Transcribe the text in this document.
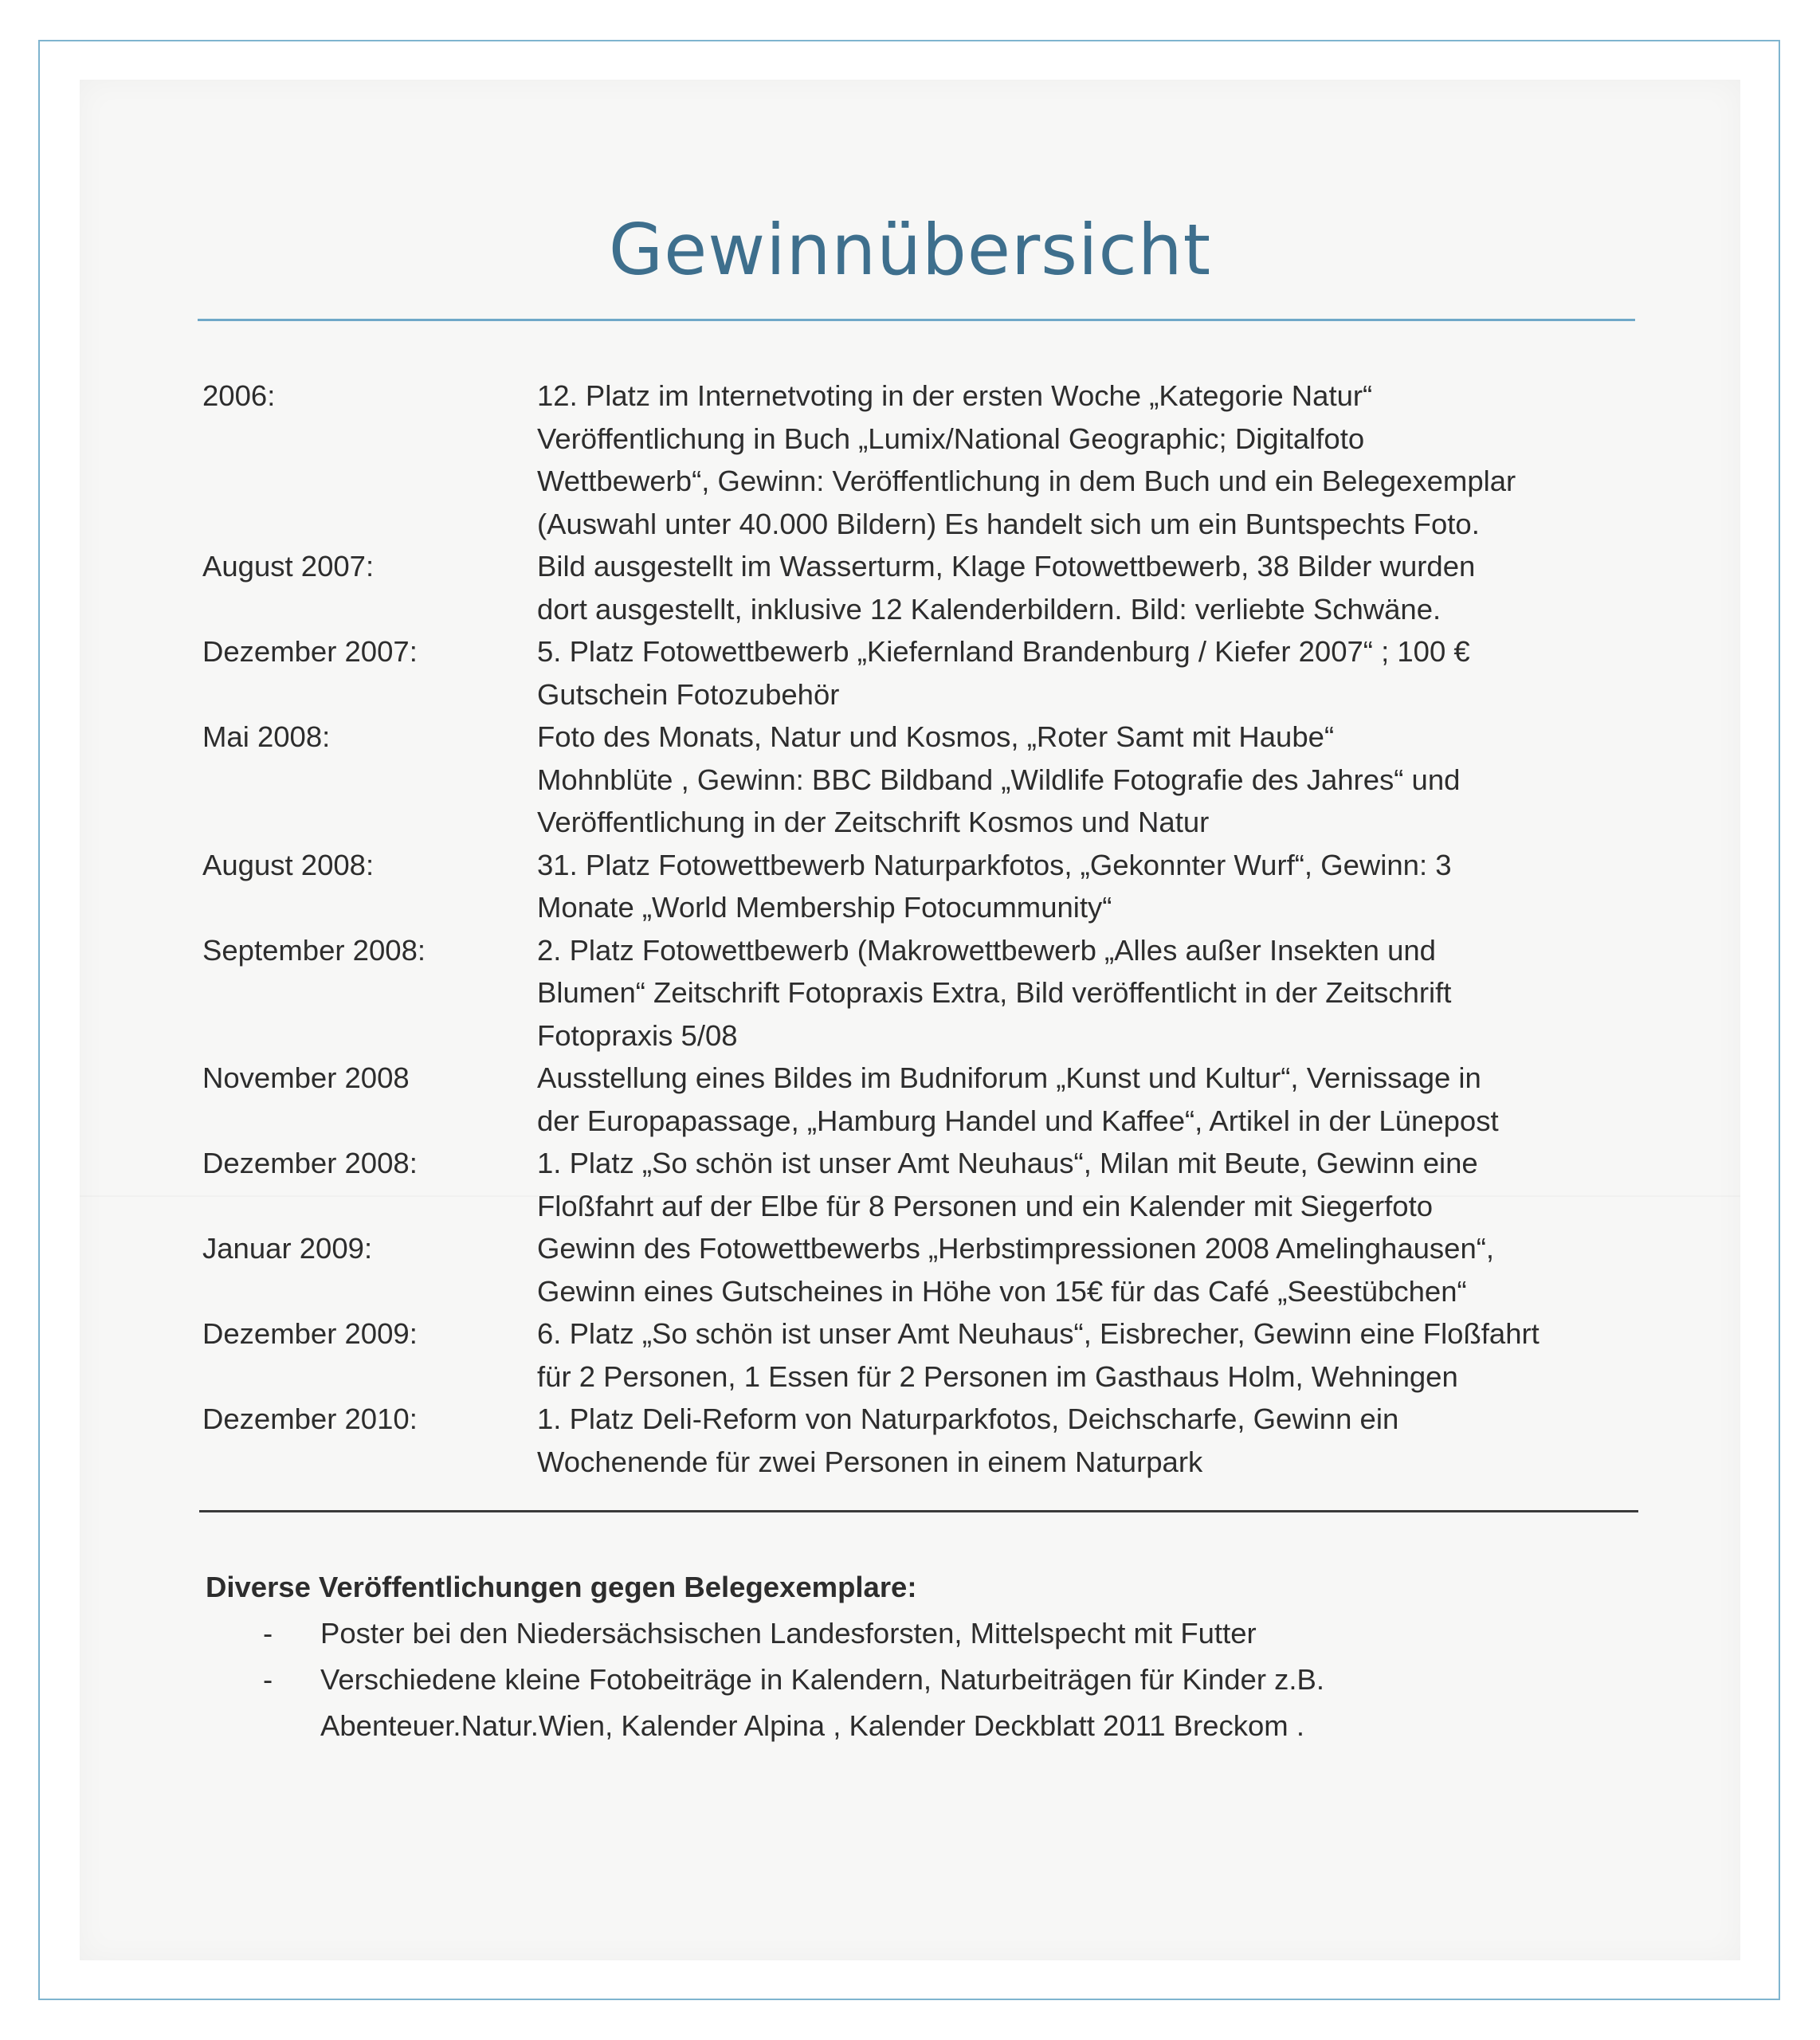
Gewinnübersicht
2006:	12. Platz im Internetvoting in der ersten Woche „Kategorie Natur“
Veröffentlichung in Buch „Lumix/National Geographic; Digitalfoto
Wettbewerb“, Gewinn: Veröffentlichung in dem Buch und ein Belegexemplar
(Auswahl unter 40.000 Bildern) Es handelt sich um ein Buntspechts Foto.
August 2007:	Bild ausgestellt im Wasserturm, Klage Fotowettbewerb, 38 Bilder wurden
dort ausgestellt, inklusive 12 Kalenderbildern. Bild: verliebte Schwäne.
Dezember 2007:	5. Platz Fotowettbewerb „Kiefernland Brandenburg / Kiefer 2007“ ; 100 €
Gutschein Fotozubehör
Mai 2008:	Foto des Monats, Natur und Kosmos, „Roter Samt mit Haube“
Mohnblüte , Gewinn: BBC Bildband „Wildlife Fotografie des Jahres“ und
Veröffentlichung in der Zeitschrift Kosmos und Natur
August 2008:	31. Platz Fotowettbewerb Naturparkfotos, „Gekonnter Wurf“, Gewinn: 3
Monate „World Membership Fotocummunity“
September 2008:	2. Platz Fotowettbewerb (Makrowettbewerb „Alles außer Insekten und
Blumen“ Zeitschrift Fotopraxis Extra, Bild veröffentlicht in der Zeitschrift
Fotopraxis 5/08
November 2008	Ausstellung eines Bildes im Budniforum „Kunst und Kultur“, Vernissage in
der Europapassage, „Hamburg Handel und Kaffee“, Artikel in der Lünepost
Dezember 2008:	1. Platz „So schön ist unser Amt Neuhaus“, Milan mit Beute, Gewinn eine
Floßfahrt auf der Elbe für 8 Personen und ein Kalender mit Siegerfoto
Januar 2009:	Gewinn des Fotowettbewerbs „Herbstimpressionen 2008 Amelinghausen“,
Gewinn eines Gutscheines in Höhe von 15€ für das Café „Seestübchen“
Dezember 2009:	6. Platz „So schön ist unser Amt Neuhaus“, Eisbrecher, Gewinn eine Floßfahrt
für 2 Personen, 1 Essen für 2 Personen im Gasthaus Holm, Wehningen
Dezember 2010:	1. Platz Deli-Reform von Naturparkfotos, Deichscharfe, Gewinn ein
Wochenende für zwei Personen in einem Naturpark
Diverse Veröffentlichungen gegen Belegexemplare:
-	Poster bei den Niedersächsischen Landesforsten, Mittelspecht mit Futter
-	Verschiedene kleine Fotobeiträge in Kalendern, Naturbeiträgen für Kinder z.B.
Abenteuer.Natur.Wien, Kalender Alpina , Kalender Deckblatt 2011 Breckom .
